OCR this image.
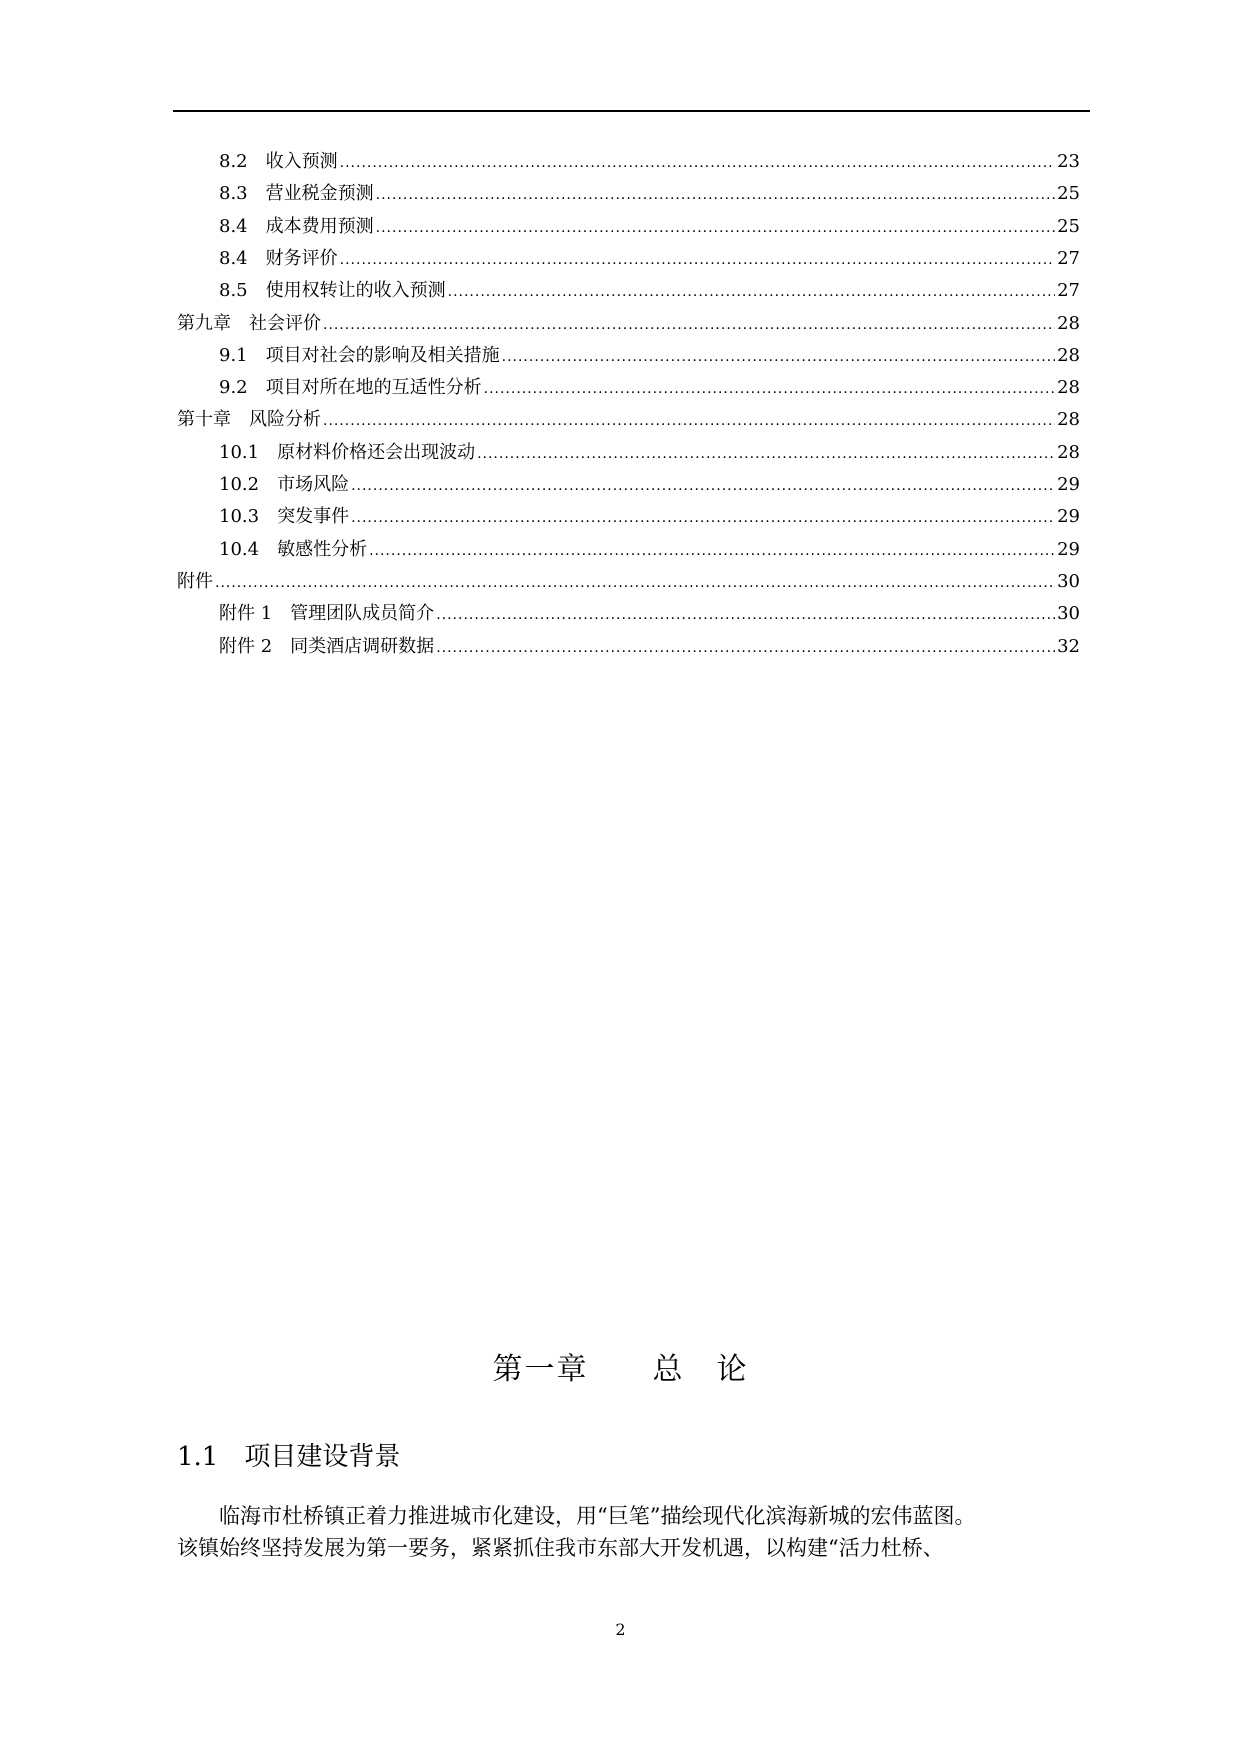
8.2　收入预测 .....	23
8.3　营业税金预测 .....	25
8.4　成本费用预测 .....	25
8.4　财务评价 .....	27
8.5　使用权转让的收入预测 .....	27
第九章　社会评价 .....	28
9.1　项目对社会的影响及相关措施 .....	28
9.2　项目对所在地的互适性分析 .....	28
第十章　风险分析 .....	28
10.1　原材料价格还会出现波动 .....	28
10.2　市场风险 .....	29
10.3　突发事件 .....	29
10.4　敏感性分析 .....	29
附件 .....	30
附件 1　管理团队成员简介 .....	30
附件 2　同类酒店调研数据 .....	32
第一章　　总　论
1.1　项目建设背景
　　临海市杜桥镇正着力推进城市化建设，用“巨笔”描绘现代化滨海新城的宏伟蓝图。
该镇始终坚持发展为第一要务，紧紧抓住我市东部大开发机遇，以构建“活力杜桥、
2
